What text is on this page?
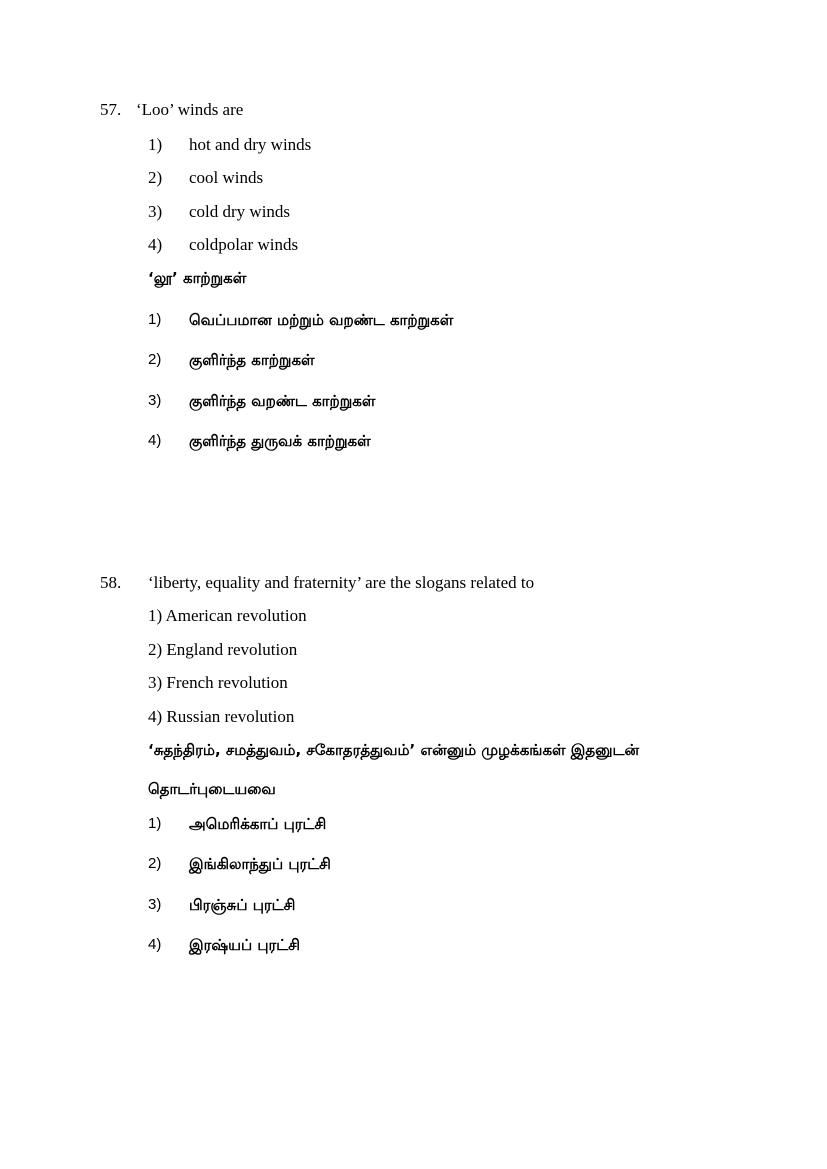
57. ‘Loo’ winds are
1) hot and dry winds
2) cool winds
3) cold dry winds
4) coldpolar winds
‘லூ’ காற்றுகள்
1) வெப்பமான மற்றும் வறண்ட காற்றுகள்
2) குளிர்ந்த காற்றுகள்
3) குளிர்ந்த வறண்ட காற்றுகள்
4) குளிர்ந்த துருவக் காற்றுகள்
58. ‘liberty, equality and fraternity’ are the slogans related to
1) American revolution
2) England revolution
3) French revolution
4) Russian revolution
‘சுதந்திரம், சமத்துவம், சகோதரத்துவம்’ என்னும் முழக்கங்கள் இதனுடன்
தொடர்புடையவை
1) அமெரிக்காப் புரட்சி
2) இங்கிலாந்துப் புரட்சி
3) பிரஞ்சுப் புரட்சி
4) இரஷ்யப் புரட்சி
